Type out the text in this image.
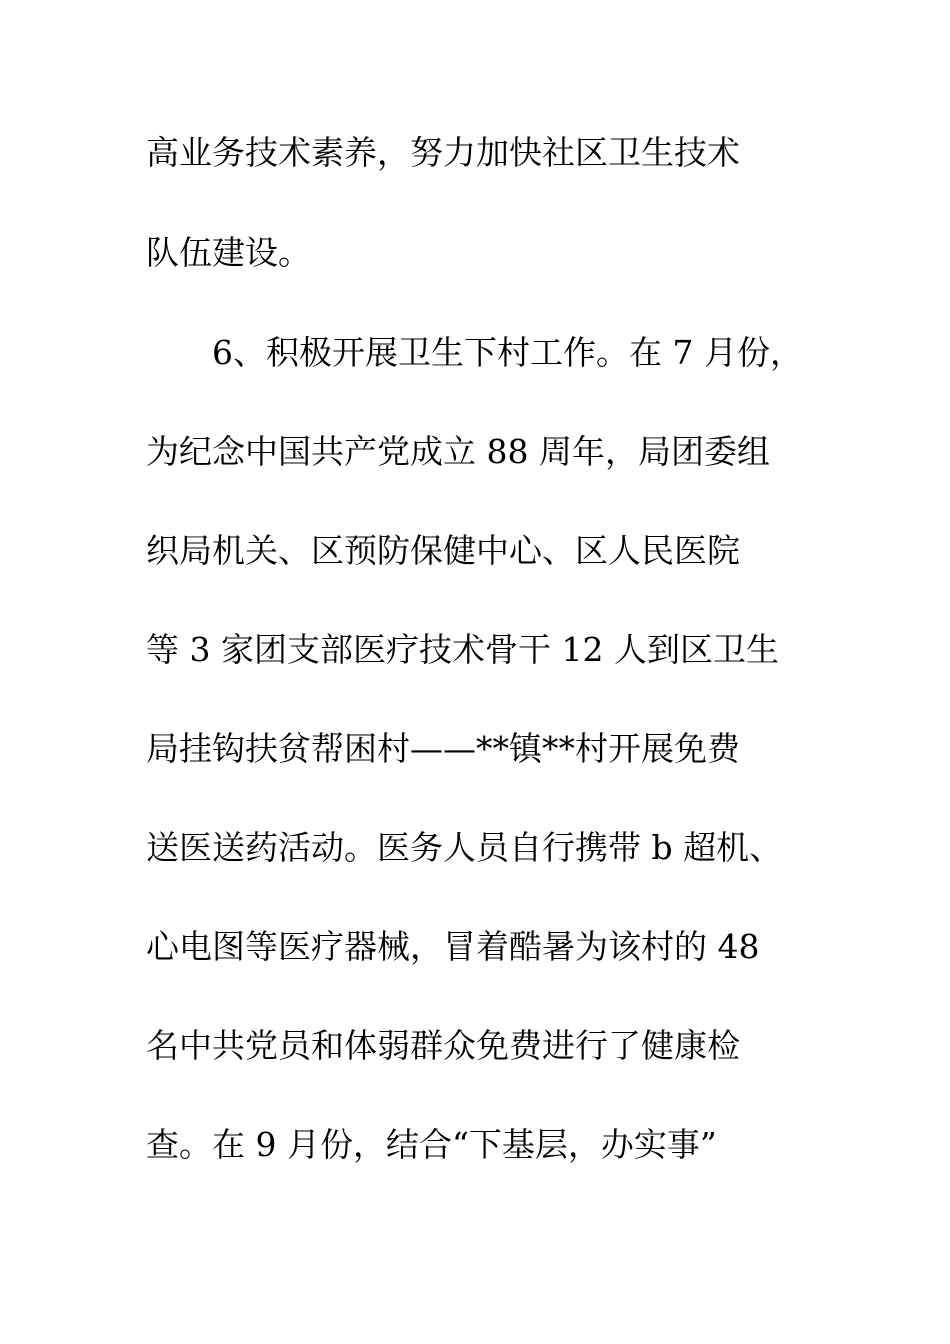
高业务技术素养，努力加快社区卫生技术
队伍建设。
6、积极开展卫生下村工作。在 7 月份，
为纪念中国共产党成立 88 周年，局团委组
织局机关、区预防保健中心、区人民医院
等 3 家团支部医疗技术骨干 12 人到区卫生
局挂钩扶贫帮困村——**镇**村开展免费
送医送药活动。医务人员自行携带 b 超机、
心电图等医疗器械，冒着酷暑为该村的 48
名中共党员和体弱群众免费进行了健康检
查。在 9 月份，结合“下基层，办实事”
